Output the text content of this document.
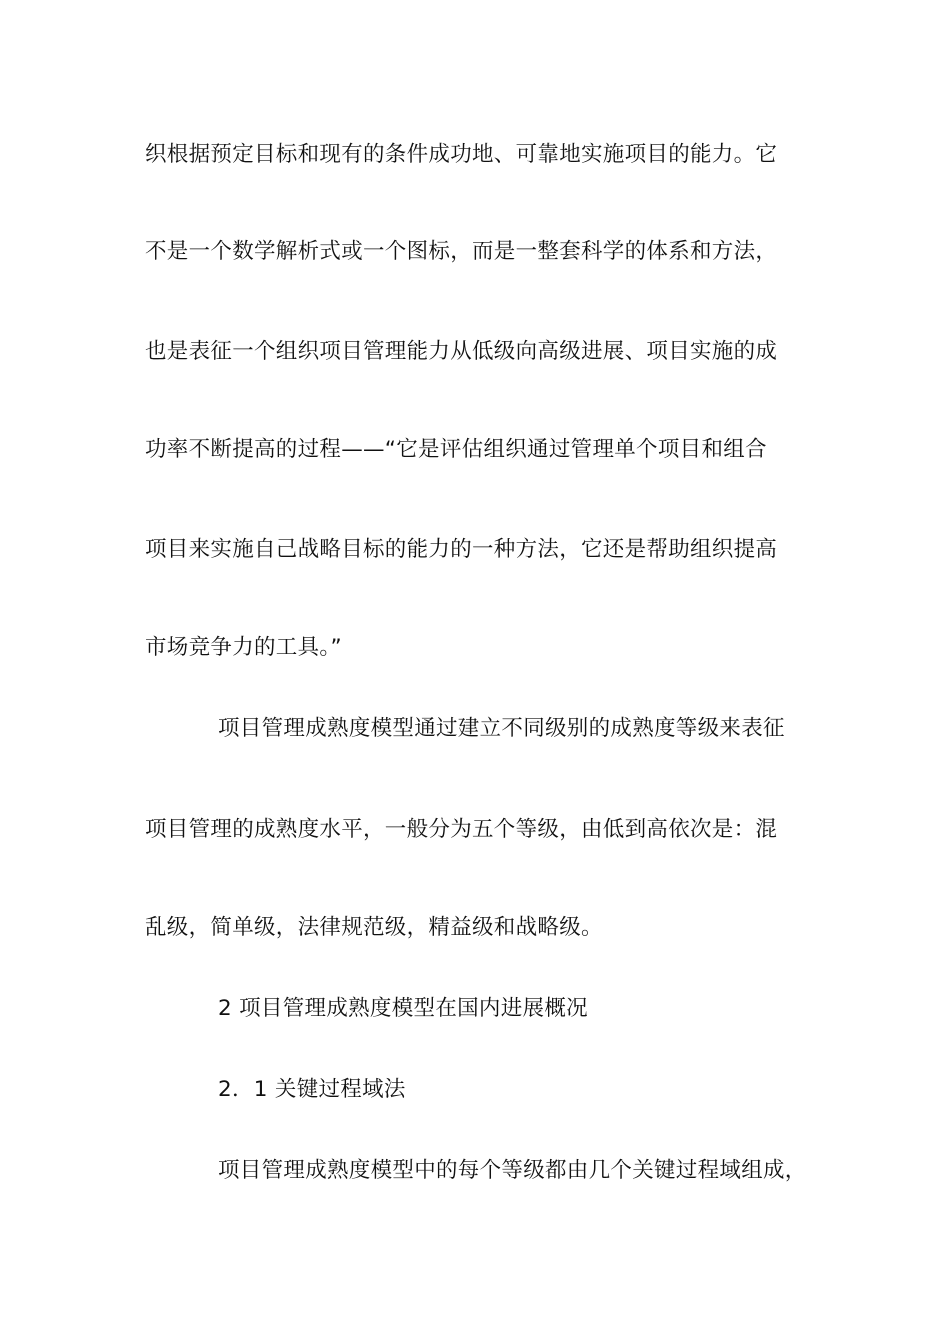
织根据预定目标和现有的条件成功地、可靠地实施项目的能力。它
不是一个数学解析式或一个图标，而是一整套科学的体系和方法，
也是表征一个组织项目管理能力从低级向高级进展、项目实施的成
功率不断提高的过程——“它是评估组织通过管理单个项目和组合
项目来实施自己战略目标的能力的一种方法，它还是帮助组织提高
市场竞争力的工具。”
项目管理成熟度模型通过建立不同级别的成熟度等级来表征
项目管理的成熟度水平，一般分为五个等级，由低到高依次是：混
乱级，简单级，法律规范级，精益级和战略级。
2 项目管理成熟度模型在国内进展概况
2．1 关键过程域法
项目管理成熟度模型中的每个等级都由几个关键过程域组成，
